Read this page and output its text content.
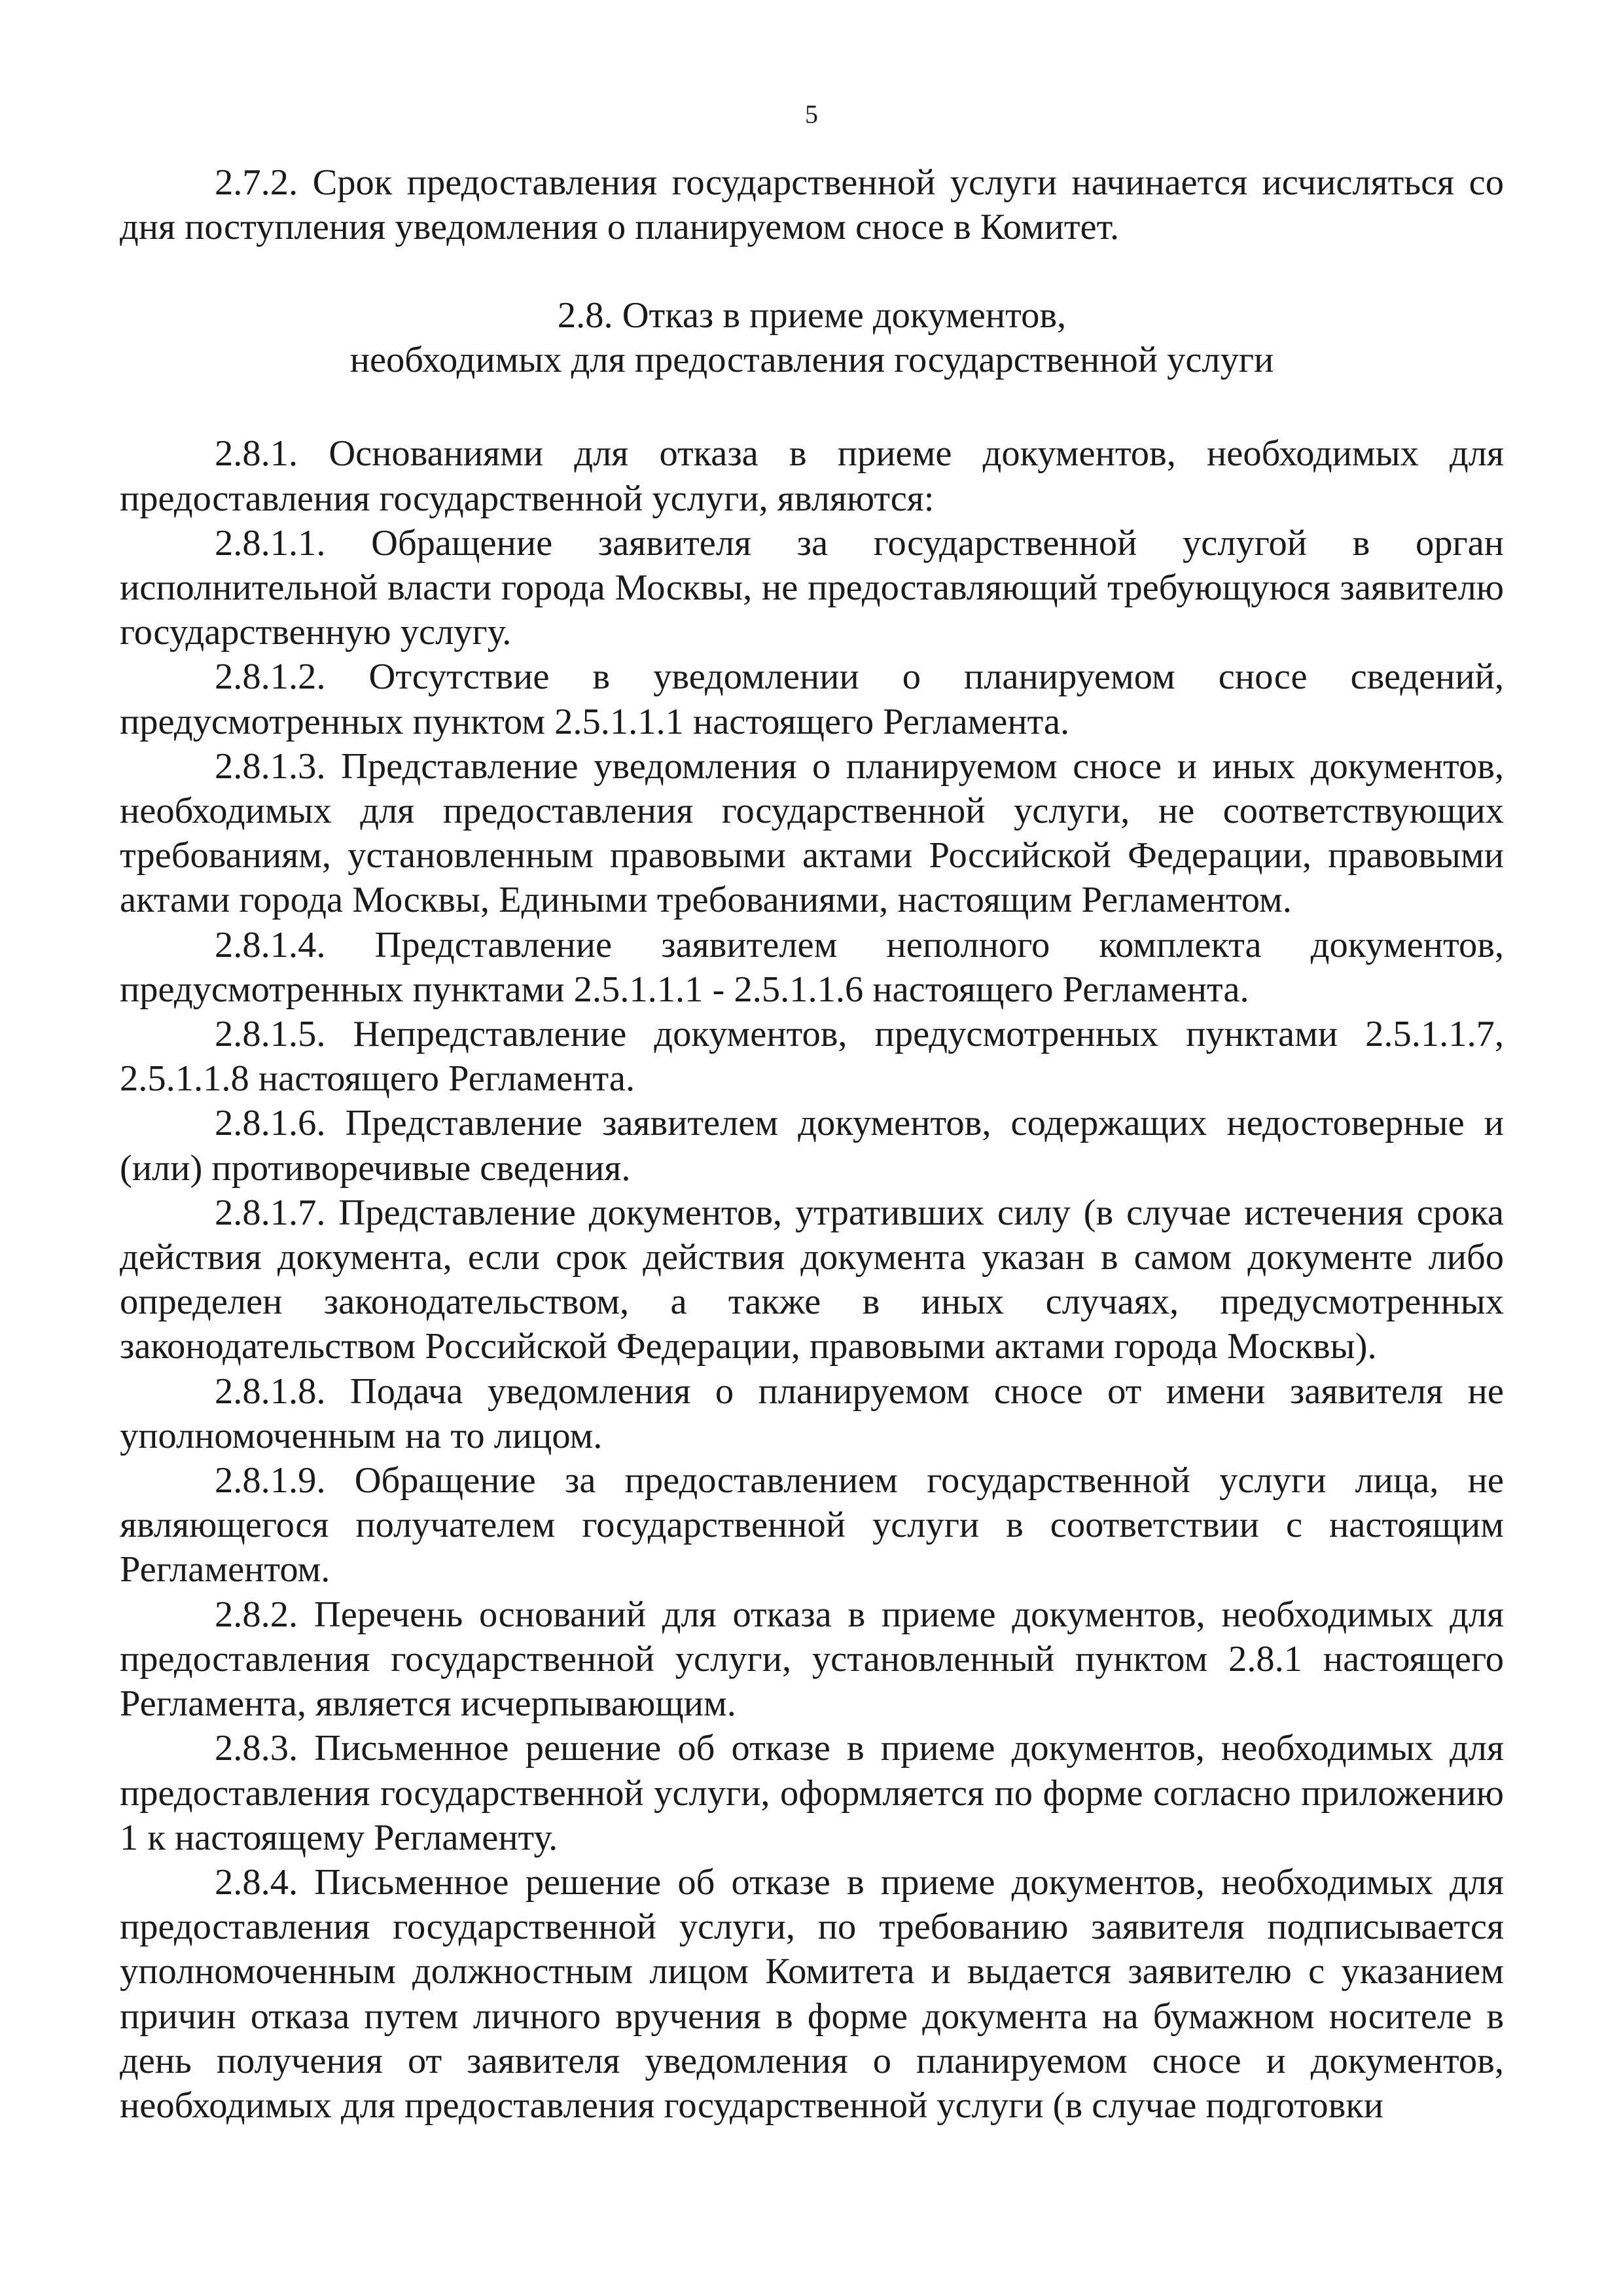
5

2.7.2. Срок предоставления государственной услуги начинается исчисляться со дня поступления уведомления о планируемом сносе в Комитет.

2.8. Отказ в приеме документов,
необходимых для предоставления государственной услуги

2.8.1. Основаниями для отказа в приеме документов, необходимых для предоставления государственной услуги, являются:

2.8.1.1. Обращение заявителя за государственной услугой в орган исполнительной власти города Москвы, не предоставляющий требующуюся заявителю государственную услугу.

2.8.1.2. Отсутствие в уведомлении о планируемом сносе сведений, предусмотренных пунктом 2.5.1.1.1 настоящего Регламента.

2.8.1.3. Представление уведомления о планируемом сносе и иных документов, необходимых для предоставления государственной услуги, не соответствующих требованиям, установленным правовыми актами Российской Федерации, правовыми актами города Москвы, Едиными требованиями, настоящим Регламентом.

2.8.1.4. Представление заявителем неполного комплекта документов, предусмотренных пунктами 2.5.1.1.1 - 2.5.1.1.6 настоящего Регламента.

2.8.1.5. Непредставление документов, предусмотренных пунктами 2.5.1.1.7, 2.5.1.1.8 настоящего Регламента.

2.8.1.6. Представление заявителем документов, содержащих недостоверные и (или) противоречивые сведения.

2.8.1.7. Представление документов, утративших силу (в случае истечения срока действия документа, если срок действия документа указан в самом документе либо определен законодательством, а также в иных случаях, предусмотренных законодательством Российской Федерации, правовыми актами города Москвы).

2.8.1.8. Подача уведомления о планируемом сносе от имени заявителя не уполномоченным на то лицом.

2.8.1.9. Обращение за предоставлением государственной услуги лица, не являющегося получателем государственной услуги в соответствии с настоящим Регламентом.

2.8.2. Перечень оснований для отказа в приеме документов, необходимых для предоставления государственной услуги, установленный пунктом 2.8.1 настоящего Регламента, является исчерпывающим.

2.8.3. Письменное решение об отказе в приеме документов, необходимых для предоставления государственной услуги, оформляется по форме согласно приложению 1 к настоящему Регламенту.

2.8.4. Письменное решение об отказе в приеме документов, необходимых для предоставления государственной услуги, по требованию заявителя подписывается уполномоченным должностным лицом Комитета и выдается заявителю с указанием причин отказа путем личного вручения в форме документа на бумажном носителе в день получения от заявителя уведомления о планируемом сносе и документов, необходимых для предоставления государственной услуги (в случае подготовки
